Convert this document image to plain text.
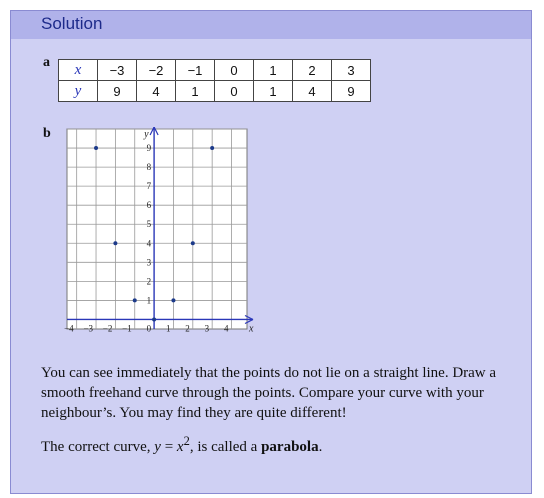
Solution
a x	−3	−2	−1	0	1	2	3
y	9	4	1	0	1	4	9
b
−4 −3 −2 −1 0 1 2 3 4
1
2
3
4
5
6
7
8
9
x
y

You can see immediately that the points do not lie on a straight line. Draw a smooth freehand curve through the points. Compare your curve with your neighbour’s. You may find they are quite different!

The correct curve, $y = x^2$, is called a parabola.
